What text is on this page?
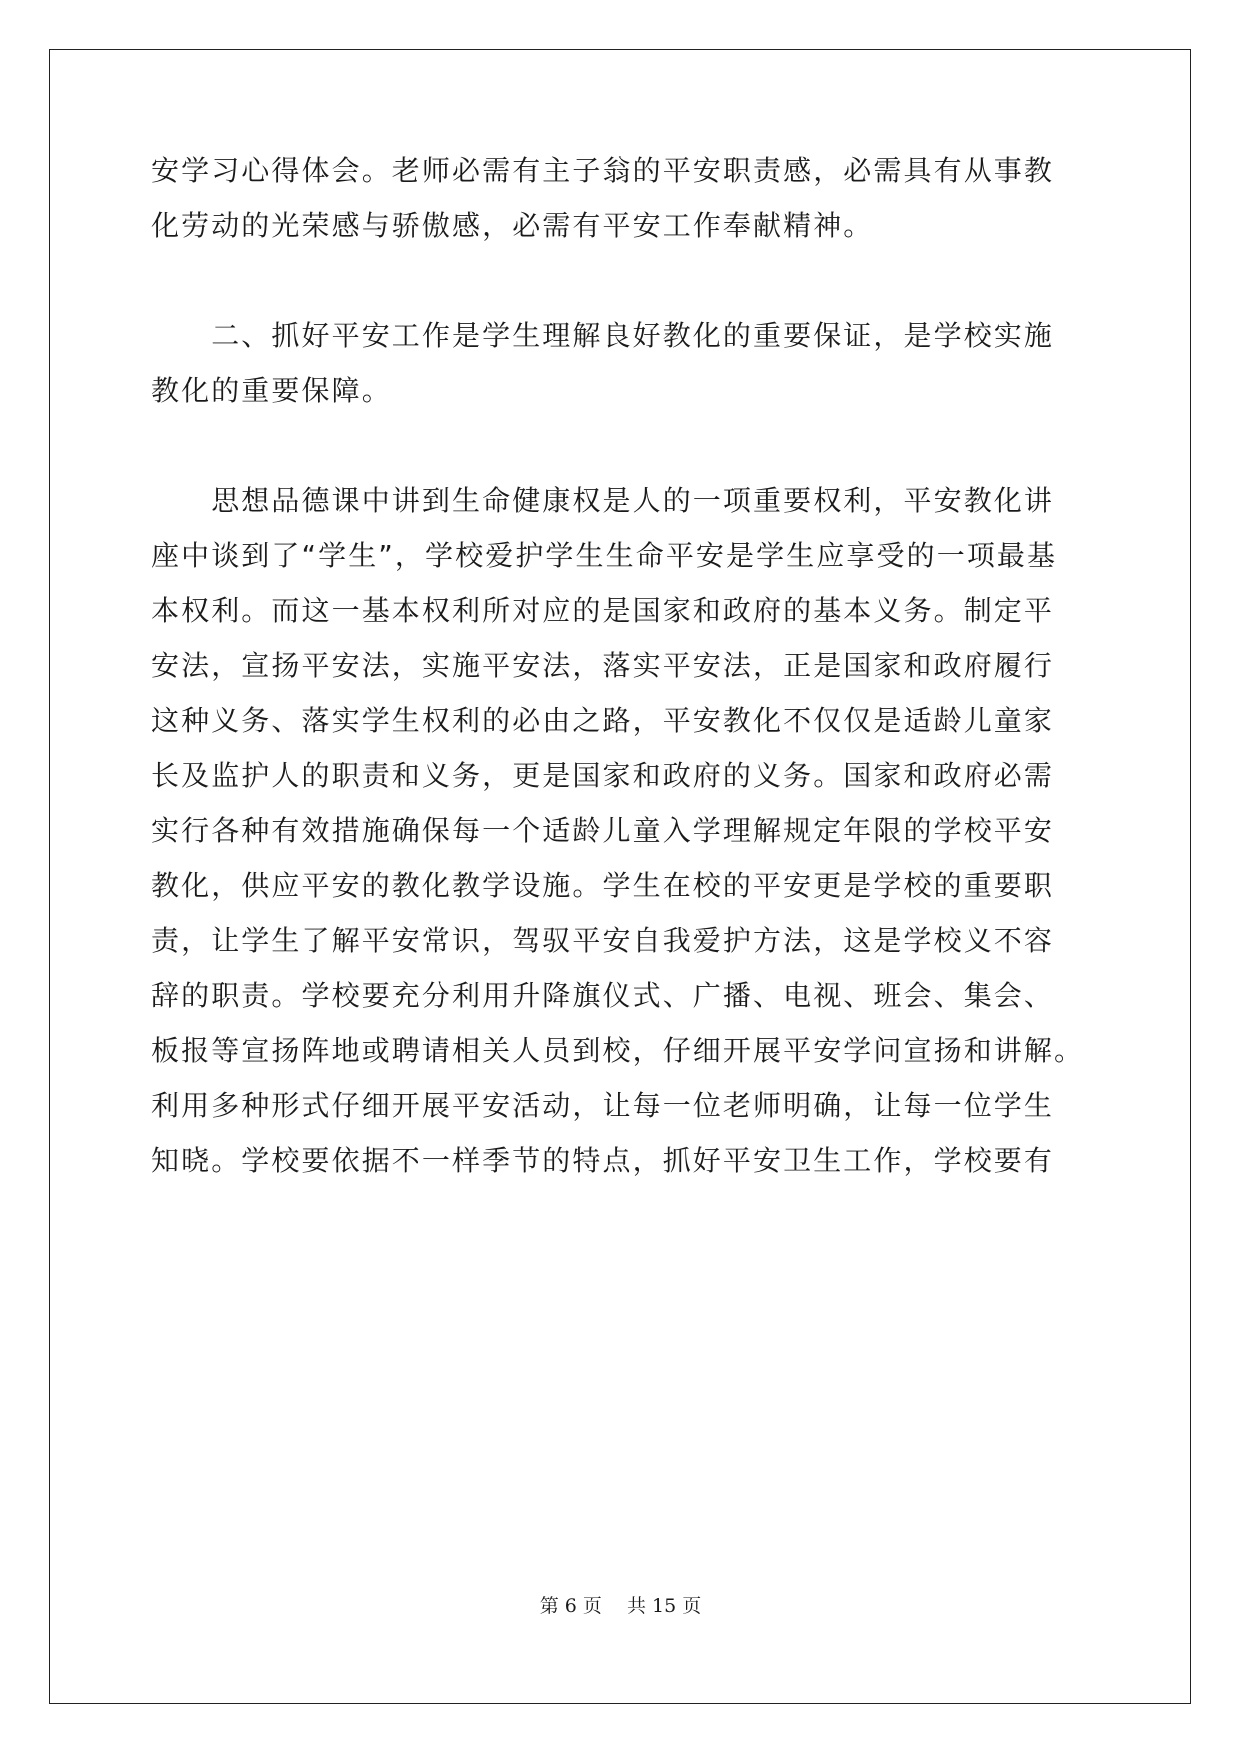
安学习心得体会。老师必需有主子翁的平安职责感，必需具有从事教
化劳动的光荣感与骄傲感，必需有平安工作奉献精神。
　　二、抓好平安工作是学生理解良好教化的重要保证，是学校实施
教化的重要保障。
　　思想品德课中讲到生命健康权是人的一项重要权利，平安教化讲
座中谈到了“学生”，学校爱护学生生命平安是学生应享受的一项最基
本权利。而这一基本权利所对应的是国家和政府的基本义务。制定平
安法，宣扬平安法，实施平安法，落实平安法，正是国家和政府履行
这种义务、落实学生权利的必由之路，平安教化不仅仅是适龄儿童家
长及监护人的职责和义务，更是国家和政府的义务。国家和政府必需
实行各种有效措施确保每一个适龄儿童入学理解规定年限的学校平安
教化，供应平安的教化教学设施。学生在校的平安更是学校的重要职
责，让学生了解平安常识，驾驭平安自我爱护方法，这是学校义不容
辞的职责。学校要充分利用升降旗仪式、广播、电视、班会、集会、
板报等宣扬阵地或聘请相关人员到校，仔细开展平安学问宣扬和讲解。
利用多种形式仔细开展平安活动，让每一位老师明确，让每一位学生
知晓。学校要依据不一样季节的特点，抓好平安卫生工作，学校要有
第 6 页　 共 15 页
